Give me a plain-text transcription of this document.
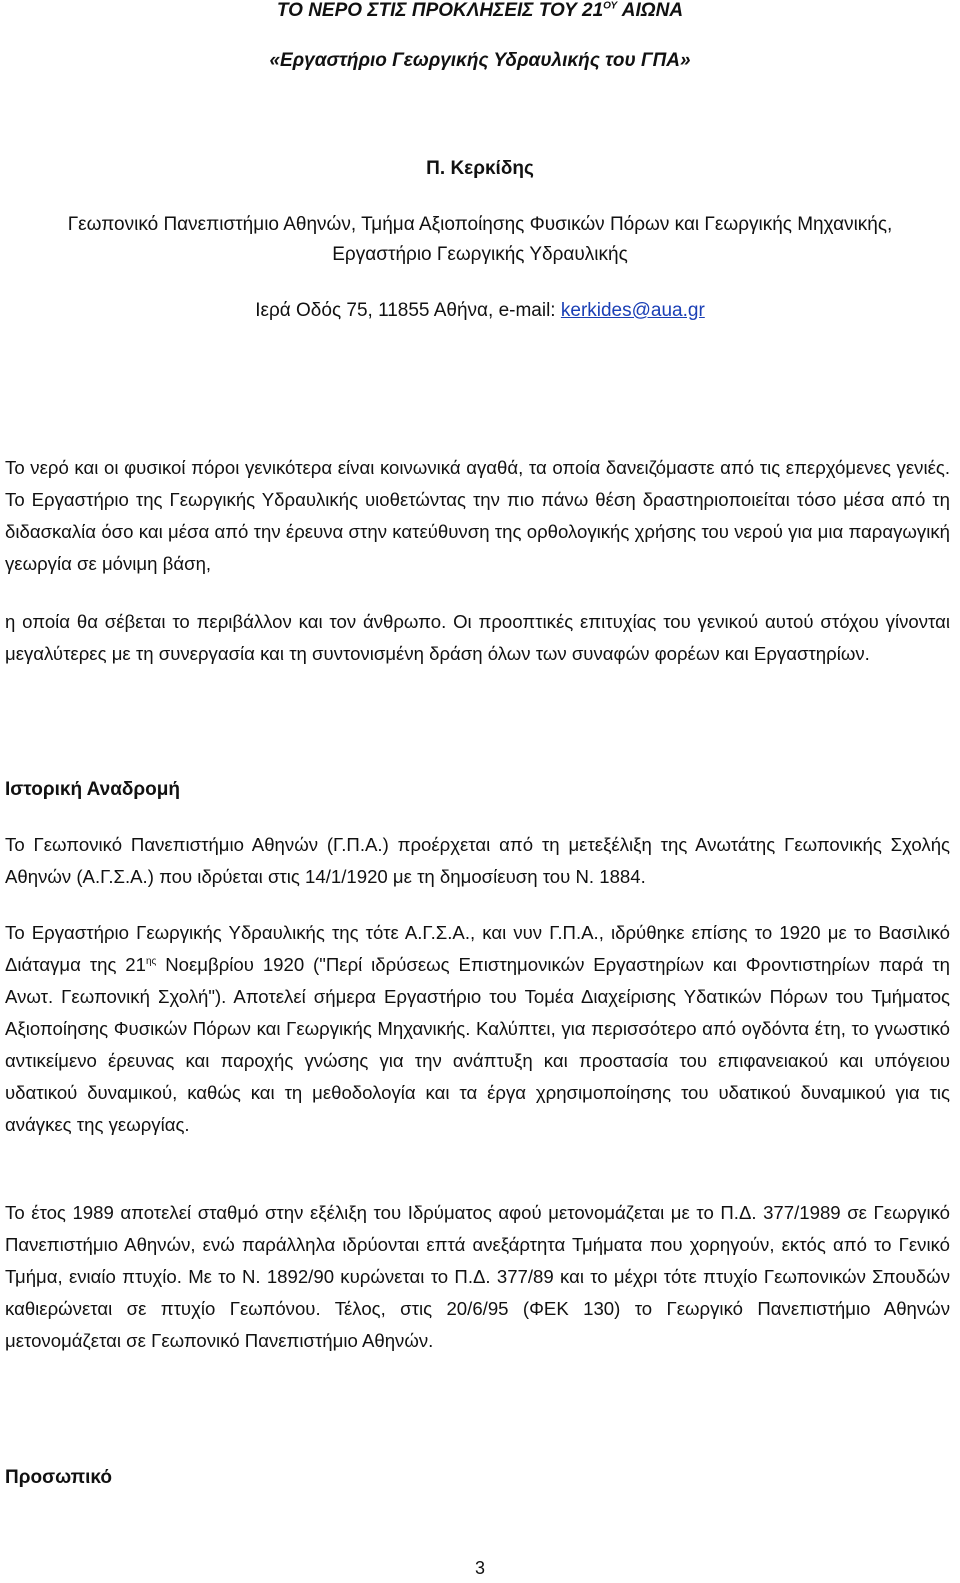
ΤΟ ΝΕΡΟ ΣΤΙΣ ΠΡΟΚΛΗΣΕΙΣ ΤΟΥ $21^{O\Upsilon}$ ΑΙΩΝΑ
«Εργαστήριο Γεωργικής Υδραυλικής του ΓΠΑ»
Π. Κερκίδης
Γεωπονικό Πανεπιστήμιο Αθηνών, Τμήμα Αξιοποίησης Φυσικών Πόρων και Γεωργικής Μηχανικής,
Εργαστήριο Γεωργικής Υδραυλικής
Ιερά Οδός 75, 11855 Αθήνα, e-mail: kerkides@aua.gr
Το νερό και οι φυσικοί πόροι γενικότερα είναι κοινωνικά αγαθά, τα οποία δανειζόμαστε από τις επερχόμενες γενιές. Το Εργαστήριο της Γεωργικής Υδραυλικής υιοθετώντας την πιο πάνω θέση δραστηριοποιείται τόσο μέσα από τη διδασκαλία όσο και μέσα από την έρευνα στην κατεύθυνση της ορθολογικής χρήσης του νερού για μια παραγωγική γεωργία σε μόνιμη βάση,
η οποία θα σέβεται το περιβάλλον και τον άνθρωπο. Οι προοπτικές επιτυχίας του γενικού αυτού στόχου γίνονται μεγαλύτερες με τη συνεργασία και τη συντονισμένη δράση όλων των συναφών φορέων και Εργαστηρίων.
Ιστορική Αναδρομή
Το Γεωπονικό Πανεπιστήμιο Αθηνών (Γ.Π.Α.) προέρχεται από τη μετεξέλιξη της Ανωτάτης Γεωπονικής Σχολής Αθηνών (Α.Γ.Σ.Α.) που ιδρύεται στις 14/1/1920 με τη δημοσίευση του Ν. 1884.
Το Εργαστήριο Γεωργικής Υδραυλικής της τότε Α.Γ.Σ.Α., και νυν Γ.Π.Α., ιδρύθηκε επίσης το 1920 με το Βασιλικό Διάταγμα της $21^{\eta\varsigma}$ Νοεμβρίου 1920 ("Περί ιδρύσεως Επιστημονικών Εργαστηρίων και Φροντιστηρίων παρά τη Ανωτ. Γεωπονική Σχολή"). Αποτελεί σήμερα Εργαστήριο του Τομέα Διαχείρισης Υδατικών Πόρων του Τμήματος Αξιοποίησης Φυσικών Πόρων και Γεωργικής Μηχανικής. Καλύπτει, για περισσότερο από ογδόντα έτη, το γνωστικό αντικείμενο έρευνας και παροχής γνώσης για την ανάπτυξη και προστασία του επιφανειακού και υπόγειου υδατικού δυναμικού, καθώς και τη μεθοδολογία και τα έργα χρησιμοποίησης του υδατικού δυναμικού για τις ανάγκες της γεωργίας.
Το έτος 1989 αποτελεί σταθμό στην εξέλιξη του Ιδρύματος αφού μετονομάζεται με το Π.Δ. 377/1989 σε Γεωργικό Πανεπιστήμιο Αθηνών, ενώ παράλληλα ιδρύονται επτά ανεξάρτητα Τμήματα που χορηγούν, εκτός από το Γενικό Τμήμα, ενιαίο πτυχίο. Με το Ν. 1892/90 κυρώνεται το Π.Δ. 377/89 και το μέχρι τότε πτυχίο Γεωπονικών Σπουδών καθιερώνεται σε πτυχίο Γεωπόνου. Τέλος, στις 20/6/95 (ΦΕΚ 130) το Γεωργικό Πανεπιστήμιο Αθηνών μετονομάζεται σε Γεωπονικό Πανεπιστήμιο Αθηνών.
Προσωπικό
3
